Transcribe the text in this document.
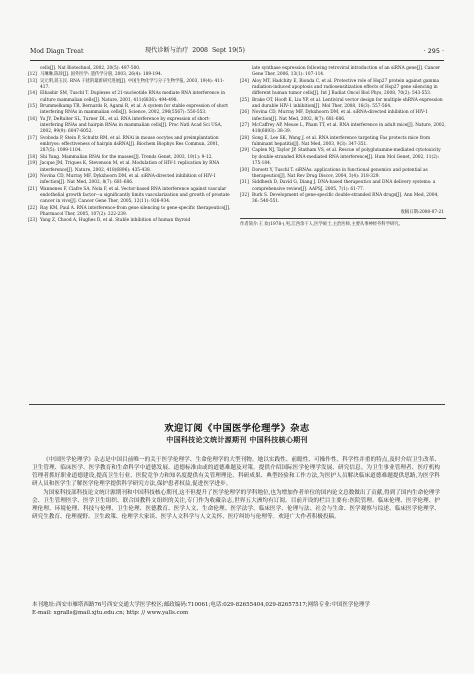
Mod Diagn Treat	现代诊断与治疗 2008 Sept 19(5)	· 295 ·
cells[J]. Nat Biotechnol, 2002, 20(5): 497-500.
[12] 马琳琳,陈珍[J]. 国外医学: 遗传学分册, 2003, 26(4): 189-194.
[13] 吴元明,蒋玉民. RNA 干扰的最新研究进展[J]. 中国生物化学与分子生物学报, 2003, 19(4): 411-417.
[14] Elbashir SM, Tuschl T. Duplexes of 21-nucleotide RNAs mediate RNA interference in culture mammalian cells[J]. Nature, 2001, 411(6836): 494-498.
[15] Brummelkamp TR, Bernards R, Agami R, et al. A system for stable expression of short interfering RNAs in mammalian cells[J]. Science, 2002, 296(5567): 550-553.
[16] Yu JY, DeRuiter SL, Turner DL, et al. RNA interference by expression of short-interfering RNAs and hairpin RNAs in mammalian cells[J]. Proc Natl Acad Sci USA, 2002, 99(9): 6047-6052.
[17] Svoboda P, Stein P, Schultz RM, et al. RNAi in mouse oocytes and preimplantation embryos: effectiveness of hairpin dsRNA[J]. Biochem Biophys Res Commun, 2001, 287(5): 1099-1104.
[18] Shi Yang. Mammalian RNAi for the masses[J]. Trends Genet, 2003, 19(1): 9-12.
[19] Jacque JM, Triques K, Stevenson M, et al. Modulation of HIV-1 replication by RNA interference[J]. Nature, 2002, 418(6896): 435-438.
[20] Novina CD, Murray MF, Dykxhoorn DM, et al. siRNA-directed inhibition of HIV-1 infection[J]. Nat Med, 2002, 8(7): 681-686.
[21] Wannenes F, Ciafre SA, Nola F, et al. Vector-based RNA interference against vascular endothelial growth factor—a significantly limits vascularization and growth of prostate cancer in vivo[J]. Cancer Gene Ther, 2005, 12(11): 926-934.
[22] Ray KM, Paul A. RNA interference-from gene silencing to gene-specific therapeutics[J]. Pharmacol Ther, 2005, 107(2): 222-239.
[23] Yang Z, Chood A, Hughes D, et al. Stable inhibition of human thyroid
iate synthase expression following retroviral introduction of an siRNA gene[J]. Cancer Gene Ther, 2006, 13(1): 107-114.
[24] Aloy MT, Hadchity E, Bionda C, et al. Protective role of Hsp27 protein against gamma radiation-induced apoptosis and radiosensitization effects of Hsp27 gene silencing in different human tumor cells[J]. Int J Radiat Oncol Biol Phys, 2008, 70(2): 543-553.
[25] Brake OT, Hooft K, Liu YP, et al. Lentiviral vector design for multiple shRNA expression and durable HIV-1 inhibition[J]. Mol Ther, 2008, 16(3): 557-564.
[26] Novina CD, Murray MF, Dykxhoorn DM, et al. siRNA-directed inhibition of HIV-1 infection[J]. Nat Med, 2002, 8(7): 681-686.
[27] McCaffrey AP, Meuse L, Pham TT, et al. RNA interference in adult mice[J]. Nature, 2002, 418(6893): 38-39.
[28] Song E, Lee SK, Wang J, et al. RNA interference targeting Fas protects mice from fulminant hepatitis[J]. Nat Med, 2003, 9(3): 347-351.
[29] Caplen NJ, Taylor JP, Statham VS, et al. Rescue of polyglutamine-mediated cytotoxicity by double-stranded RNA-mediated RNA interference[J]. Hum Mol Genet, 2002, 11(2): 175-184.
[30] Dorsett Y, Tuschl T. siRNAs: applications in functional genomics and potential as therapeutics[J]. Nat Rev Drug Discov, 2004, 3(4): 318-329.
[31] Siddhesh D, David G, Diang J. DNA-based therapeutics and DNA delivery systems: a comprehensive review[J]. AAPSJ, 2005, 7(1): 61-77.
[32] Burk S. Development of gene-specific double-stranded RNA drugs[J]. Ann Med, 2004, 36: 540-551.
收稿日期:2008-07-21
作者简介:王 欢(1978-),男,江西余干人,医学硕士,主治医师,主要从事神经外科学研究。
欢迎订阅《中国医学伦理学》杂志
中国科技论文统计源期刊 中国科技核心期刊

《中国医学伦理学》杂志是中国目前唯一的关于医学伦理学、生命伦理学的大型刊物。她以实践性、前瞻性、可操作性、科学性并重的特点,及时介绍卫生改革、卫生管理、临床医学、医学教育和生命科学中道德发展、道德标准由或的道德难题及对策。提供介绍国际医学伦理学发展、研究信息。为卫生事业管理者、医疗机构管理者抓好职业道德建设,提高卫生行业、医院竞争力和知名度提供有关管理理论、科研成果、典型经验和工作方法,为医护人员解决临床道德难题提供思路,为医学科研人员和医学生了解医学伦理学提供科学研究方法,保护患者权益,促进医学进步。

为国家科技部科技论文统计源期刊和中国科技核心期刊,这不但提升了医学伦理学的学科地位,也为增加作者单位的国内论文总数做出了贡献,得到了国内生命伦理学会、卫生管理医学、医学卫生组织、联合国教科文组织的关注,专门作为收藏杂志,世界五大洲均有订阅。目前开设的栏目主要有:医院管理、临床伦理、医学伦理、护理伦理、环境伦理、科技与伦理、卫生伦理、医德教育、医学人文、生命伦理、医学法学、临床医学、伦理与法、社会与生命、医学观察与综述、临床医学伦理学、研究生教育、伦理视野、卫生政策、伦理学大家谈、医学人文科学与人文关怀、医疗纠纷与伦理等。欢迎广大作者积极投稿。

本刊地址:西安市雁塔西路76号西安交通大学医学校区;邮政编码:710061;电话:029-82655404,029-82657517;网络专业:中国医学伦理学
E-mail: xgralls@mail.xjtu.edu.cn; http: // www.yalls.com
